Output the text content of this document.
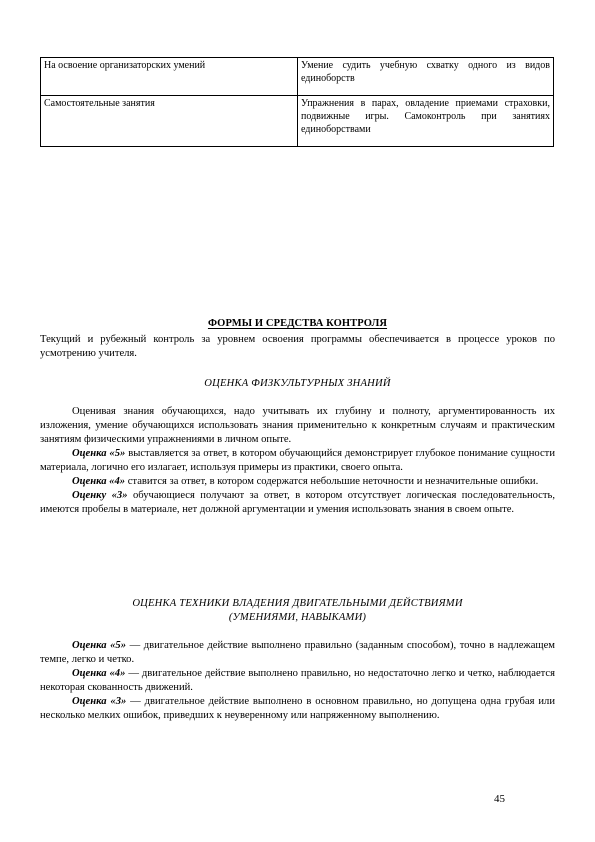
На освоение организаторских умений	Умение судить учебную схватку одного из видов единоборств
Самостоятельные занятия	Упражнения в парах, овладение приемами страховки, подвижные игры. Самоконтроль при занятиях единоборствами
ФОРМЫ И СРЕДСТВА КОНТРОЛЯ

Текущий и рубежный контроль за уровнем освоения программы обеспечивается в процессе уроков по усмотрению учителя.

ОЦЕНКА ФИЗКУЛЬТУРНЫХ ЗНАНИЙ

Оценивая знания обучающихся, надо учитывать их глубину и полноту, аргументированность их изложения, умение обучающихся использовать знания применительно к конкретным случаям и практическим занятиям физическими упражнениями в личном опыте.

Оценка «5» выставляется за ответ, в котором обучающийся демонстрирует глубокое понимание сущности материала, логично его излагает, используя примеры из практики, своего опыта.

Оценка «4» ставится за ответ, в котором содержатся небольшие неточности и незначительные ошибки.

Оценку «3» обучающиеся получают за ответ, в котором отсутствует логическая последовательность, имеются пробелы в материале, нет должной аргументации и умения использовать знания в своем опыте.

ОЦЕНКА ТЕХНИКИ ВЛАДЕНИЯ ДВИГАТЕЛЬНЫМИ ДЕЙСТВИЯМИ
(УМЕНИЯМИ, НАВЫКАМИ)

Оценка «5» — двигательное действие выполнено правильно (заданным способом), точно в надлежащем темпе, легко и четко.

Оценка «4» — двигательное действие выполнено правильно, но недостаточно легко и четко, наблюдается некоторая скованность движений.

Оценка «3» — двигательное действие выполнено в основном правильно, но допущена одна грубая или несколько мелких ошибок, приведших к неуверенному или напряженному выполнению.

45
